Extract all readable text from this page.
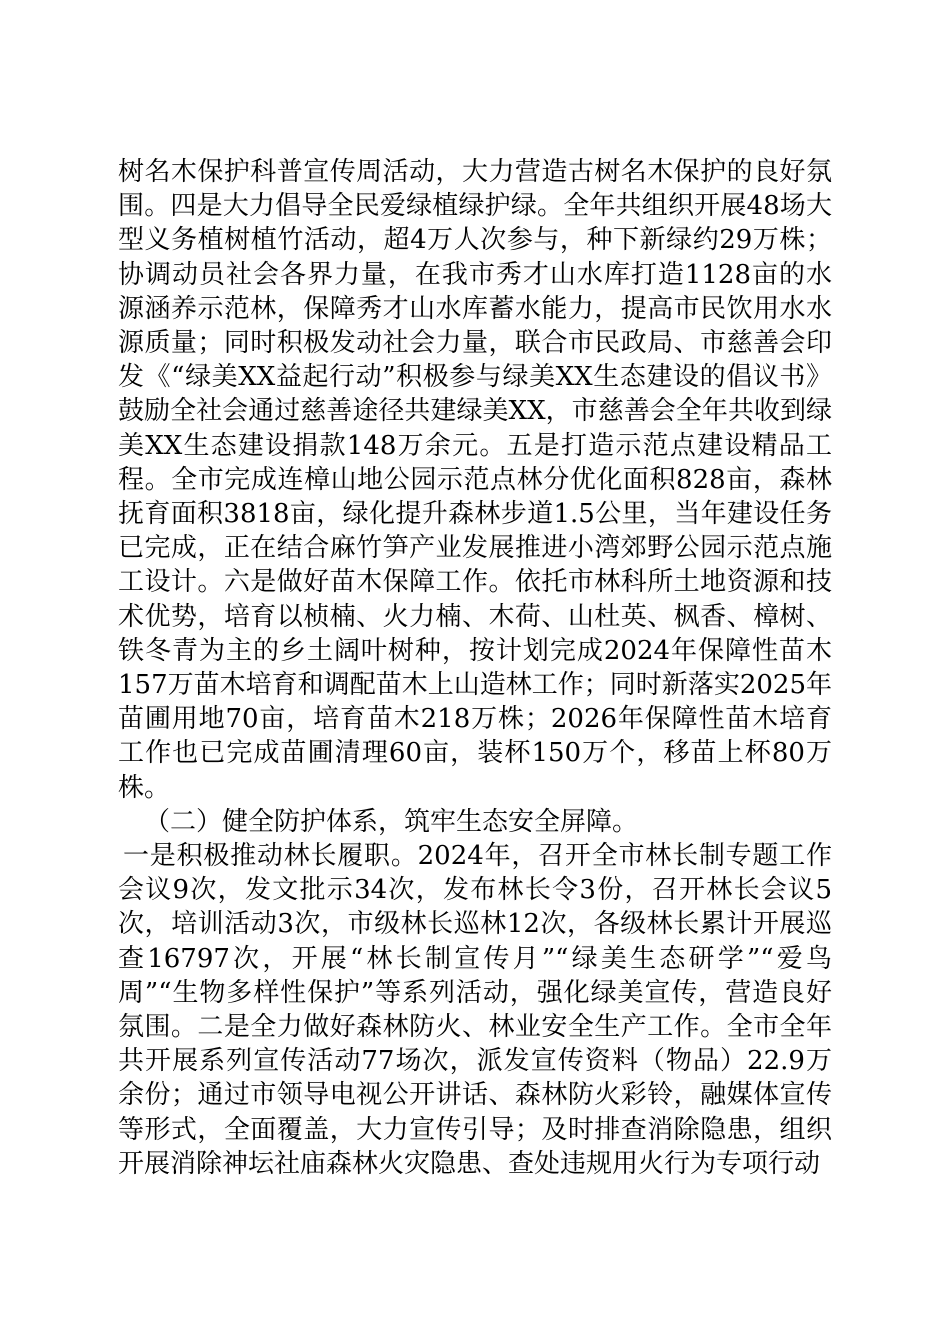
树名木保护科普宣传周活动，大力营造古树名木保护的良好氛围。四是大力倡导全民爱绿植绿护绿。全年共组织开展48场大型义务植树植竹活动，超4万人次参与，种下新绿约29万株；协调动员社会各界力量，在我市秀才山水库打造1128亩的水源涵养示范林，保障秀才山水库蓄水能力，提高市民饮用水水源质量；同时积极发动社会力量，联合市民政局、市慈善会印发《“绿美XX益起行动”积极参与绿美XX生态建设的倡议书》鼓励全社会通过慈善途径共建绿美XX，市慈善会全年共收到绿美XX生态建设捐款148万余元。五是打造示范点建设精品工程。全市完成连樟山地公园示范点林分优化面积828亩，森林抚育面积3818亩，绿化提升森林步道1.5公里，当年建设任务已完成，正在结合麻竹笋产业发展推进小湾郊野公园示范点施工设计。六是做好苗木保障工作。依托市林科所土地资源和技术优势，培育以桢楠、火力楠、木荷、山杜英、枫香、樟树、铁冬青为主的乡土阔叶树种，按计划完成2024年保障性苗木157万苗木培育和调配苗木上山造林工作；同时新落实2025年苗圃用地70亩，培育苗木218万株；2026年保障性苗木培育工作也已完成苗圃清理60亩，装杯150万个，移苗上杯80万株。

（二）健全防护体系，筑牢生态安全屏障。

一是积极推动林长履职。2024年，召开全市林长制专题工作会议9次，发文批示34次，发布林长令3份，召开林长会议5次，培训活动3次，市级林长巡林12次，各级林长累计开展巡查16797次，开展“林长制宣传月”“绿美生态研学”“爱鸟周”“生物多样性保护”等系列活动，强化绿美宣传，营造良好氛围。二是全力做好森林防火、林业安全生产工作。全市全年共开展系列宣传活动77场次，派发宣传资料（物品）22.9万余份；通过市领导电视公开讲话、森林防火彩铃，融媒体宣传等形式，全面覆盖，大力宣传引导；及时排查消除隐患，组织开展消除神坛社庙森林火灾隐患、查处违规用火行为专项行动
